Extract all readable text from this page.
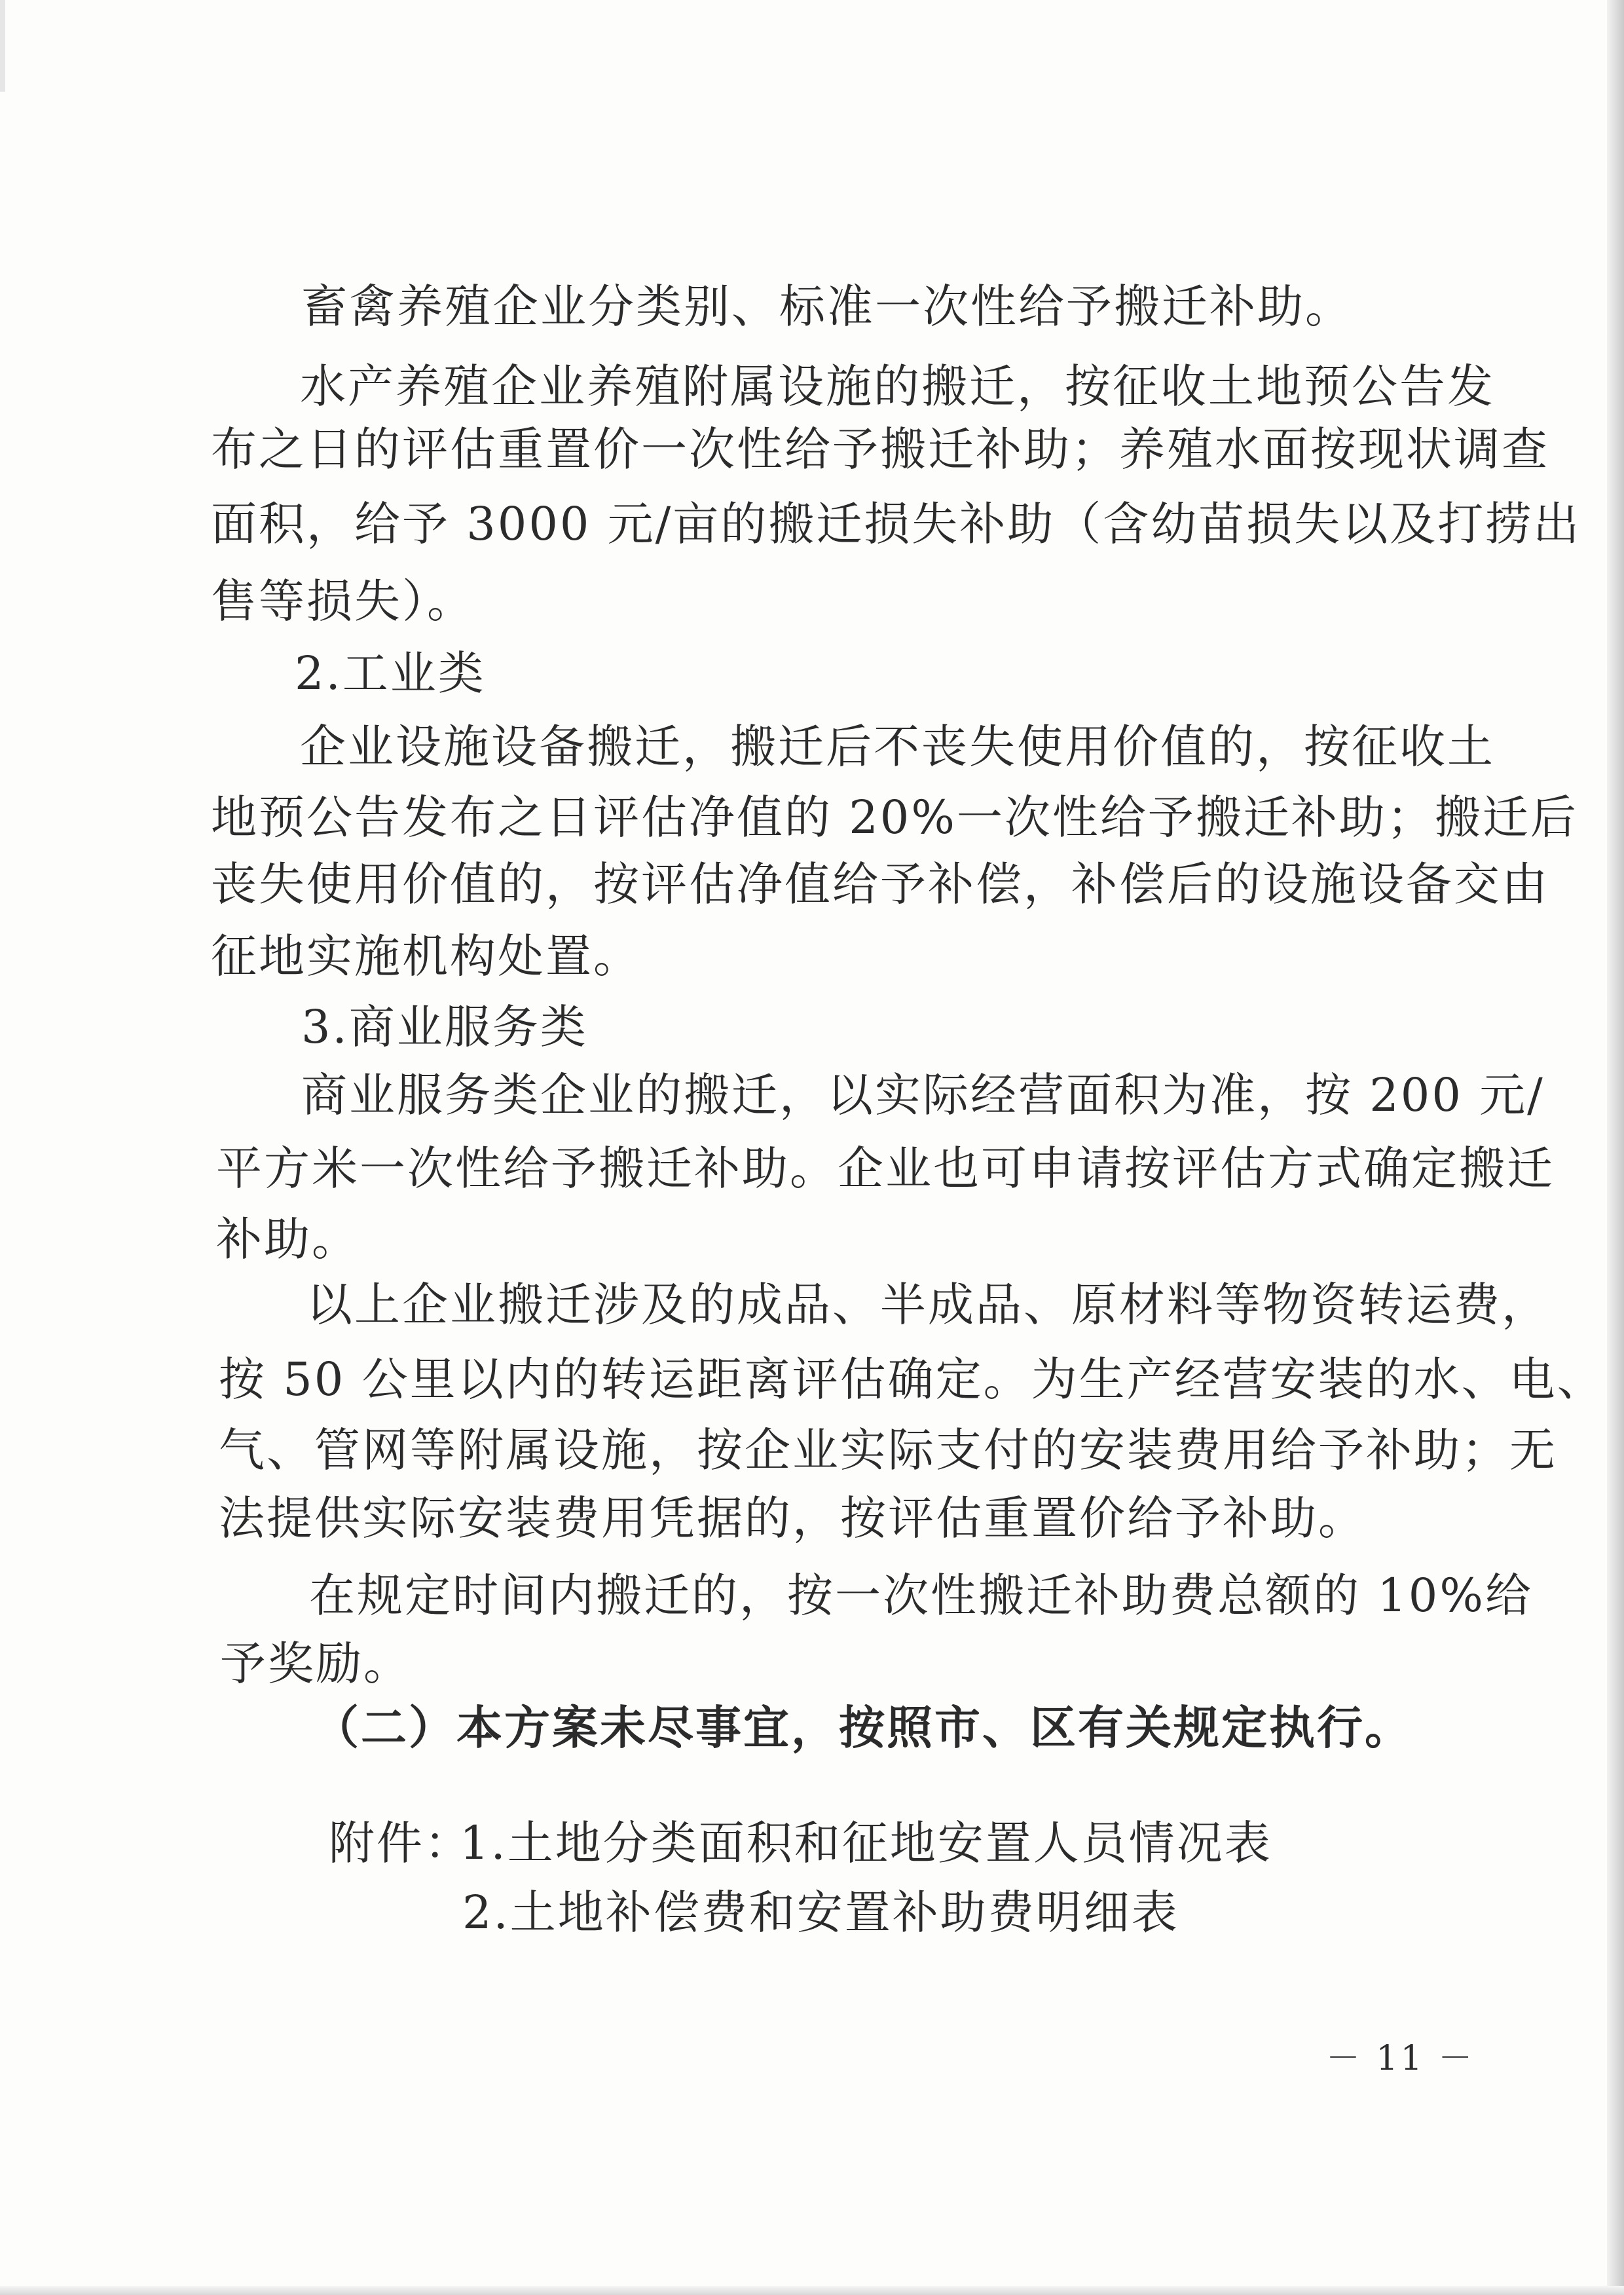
畜禽养殖企业分类别、标准一次性给予搬迁补助。
水产养殖企业养殖附属设施的搬迁，按征收土地预公告发
布之日的评估重置价一次性给予搬迁补助；养殖水面按现状调查
面积，给予 3000 元/亩的搬迁损失补助（含幼苗损失以及打捞出
售等损失）。
2.工业类
企业设施设备搬迁，搬迁后不丧失使用价值的，按征收土
地预公告发布之日评估净值的 20%一次性给予搬迁补助；搬迁后
丧失使用价值的，按评估净值给予补偿，补偿后的设施设备交由
征地实施机构处置。
3.商业服务类
商业服务类企业的搬迁，以实际经营面积为准，按 200 元/
平方米一次性给予搬迁补助。企业也可申请按评估方式确定搬迁
补助。
以上企业搬迁涉及的成品、半成品、原材料等物资转运费，
按 50 公里以内的转运距离评估确定。为生产经营安装的水、电、
气、管网等附属设施，按企业实际支付的安装费用给予补助；无
法提供实际安装费用凭据的，按评估重置价给予补助。
在规定时间内搬迁的，按一次性搬迁补助费总额的 10%给
予奖励。
（二）本方案未尽事宜，按照市、区有关规定执行。
附件：
1.土地分类面积和征地安置人员情况表
2.土地补偿费和安置补助费明细表
－ 11 －
